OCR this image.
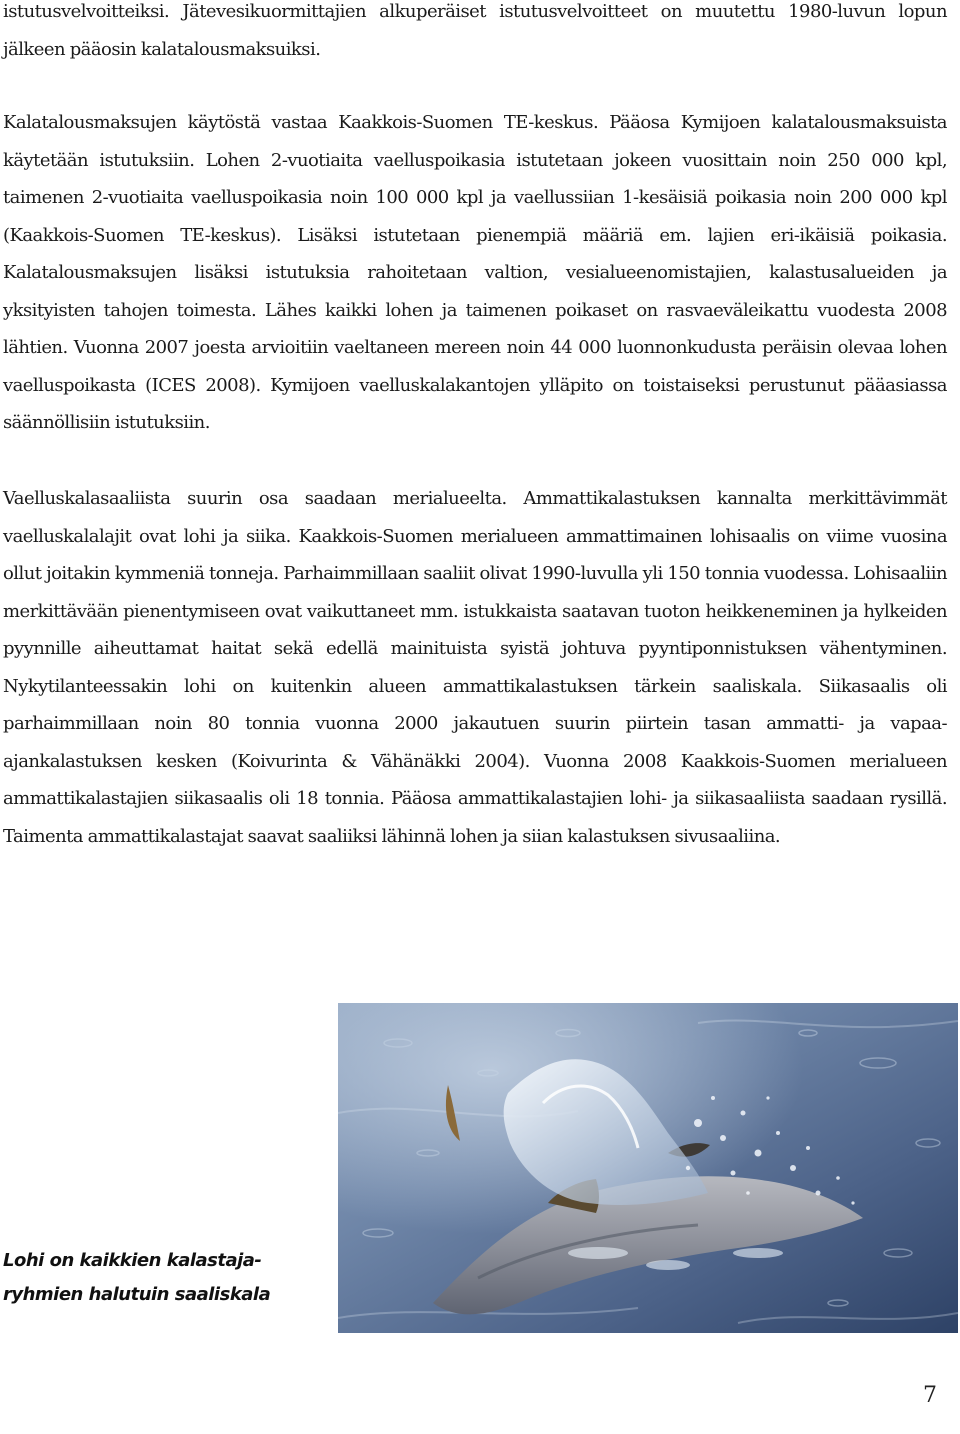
istutusvelvoitteiksi. Jätevesikuormittajien alkuperäiset istutusvelvoitteet on muutettu 1980-luvun lopun jälkeen pääosin kalatalousmaksuiksi.

Kalatalousmaksujen käytöstä vastaa Kaakkois-Suomen TE-keskus. Pääosa Kymijoen kalatalousmaksuista käytetään istutuksiin. Lohen 2-vuotiaita vaelluspoikasia istutetaan jokeen vuosittain noin 250 000 kpl, taimenen 2-vuotiaita vaelluspoikasia noin 100 000 kpl ja vaellussiian 1-kesäisiä poikasia noin 200 000 kpl (Kaakkois-Suomen TE-keskus). Lisäksi istutetaan pienempiä määriä em. lajien eri-ikäisiä poikasia. Kalatalousmaksujen lisäksi istutuksia rahoitetaan valtion, vesialueenomistajien, kalastusalueiden ja yksityisten tahojen toimesta. Lähes kaikki lohen ja taimenen poikaset on rasvaeväleikattu vuodesta 2008 lähtien. Vuonna 2007 joesta arvioitiin vaeltaneen mereen noin 44 000 luonnonkudusta peräisin olevaa lohen vaelluspoikasta (ICES 2008). Kymijoen vaelluskalakantojen ylläpito on toistaiseksi perustunut pääasiassa säännöllisiin istutuksiin.

Vaelluskalasaaliista suurin osa saadaan merialueelta. Ammattikalastuksen kannalta merkittävimmät vaelluskalalajit ovat lohi ja siika. Kaakkois-Suomen merialueen ammattimainen lohisaalis on viime vuosina ollut joitakin kymmeniä tonneja. Parhaimmillaan saaliit olivat 1990-luvulla yli 150 tonnia vuodessa. Lohisaaliin merkittävään pienentymiseen ovat vaikuttaneet mm. istukkaista saatavan tuoton heikkeneminen ja hylkeiden pyynnille aiheuttamat haitat sekä edellä mainituista syistä johtuva pyyntiponnistuksen vähentyminen. Nykytilanteessakin lohi on kuitenkin alueen ammattikalastuksen tärkein saaliskala. Siikasaalis oli parhaimmillaan noin 80 tonnia vuonna 2000 jakautuen suurin piirtein tasan ammatti- ja vapaa-ajankalastuksen kesken (Koivurinta & Vähänäkki 2004). Vuonna 2008 Kaakkois-Suomen merialueen ammattikalastajien siikasaalis oli 18 tonnia. Pääosa ammattikalastajien lohi- ja siikasaaliista saadaan rysillä. Taimenta ammattikalastajat saavat saaliiksi lähinnä lohen ja siian kalastuksen sivusaaliina.

Lohi on kaikkien kalastaja-
ryhmien halutuin saaliskala

7
